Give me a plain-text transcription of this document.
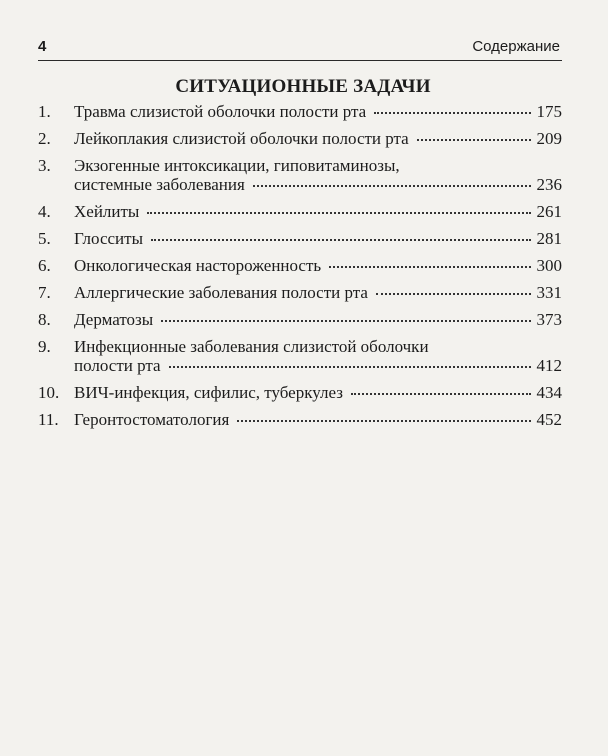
4	Содержание
СИТУАЦИОННЫЕ ЗАДАЧИ
1.	Травма слизистой оболочки полости рта	175
2.	Лейкоплакия слизистой оболочки полости рта	209
3.	Экзогенные интоксикации, гиповитаминозы,
системные заболевания	236
4.	Хейлиты	261
5.	Глосситы	281
6.	Онкологическая настороженность	300
7.	Аллергические заболевания полости рта	331
8.	Дерматозы	373
9.	Инфекционные заболевания слизистой оболочки
полости рта	412
10. ВИЧ-инфекция, сифилис, туберкулез	434
11. Геронтостоматология	452
